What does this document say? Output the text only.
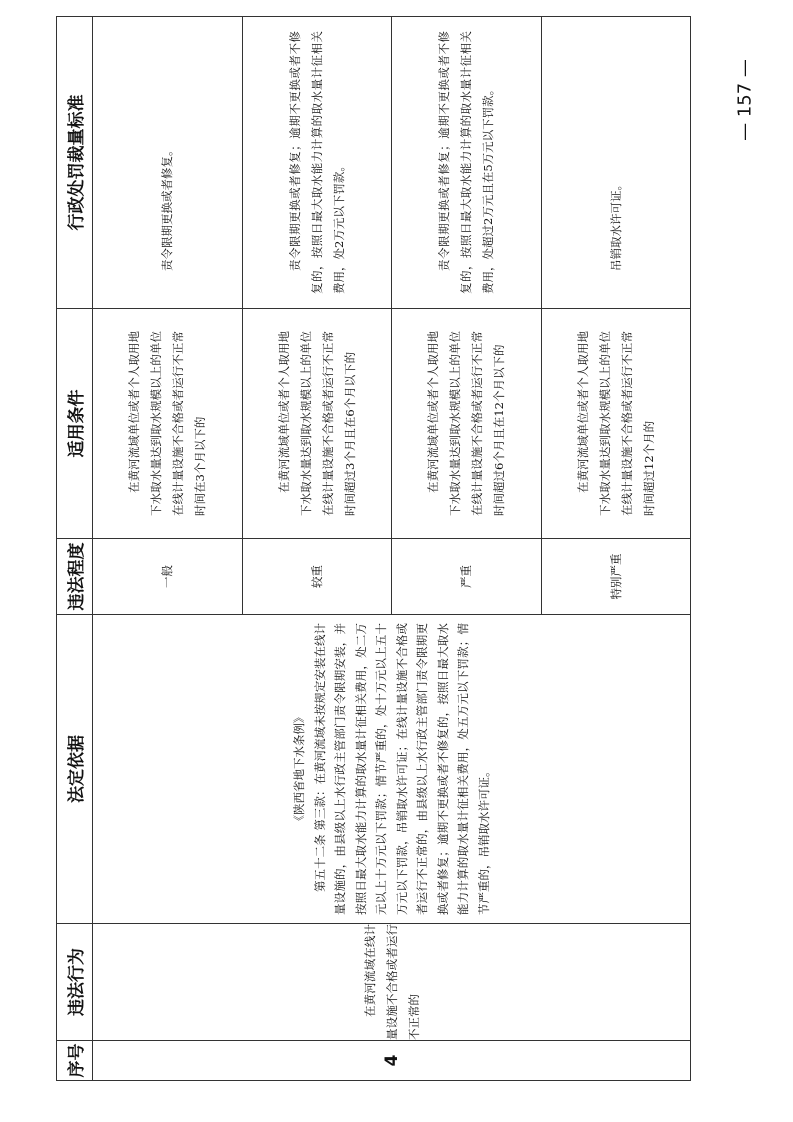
— 157 —
序号	违法行为	法定依据	违法程度	适用条件	行政处罚裁量标准
4	在黄河流域在线计量设施不合格或者运行不正常的	《陕西省地下水条例》 第五十二条 第三款：在黄河流域未按规定安装在线计量设施的，由县级以上水行政主管部门责令限期安装，并按照日最大取水能力计算的取水量计征相关费用，处二万元以上十万元以下罚款；情节严重的，处十万元以上五十万元以下罚款，吊销取水许可证；在线计量设施不合格或者运行不正常的，由县级以上水行政主管部门责令限期更换或者修复；逾期不更换或者不修复的，按照日最大取水能力计算的取水量计征相关费用，处五万元以下罚款；情节严重的，吊销取水许可证。	一般	在黄河流域单位或者个人取用地下水取水量达到取水规模以上的单位在线计量设施不合格或者运行不正常时间在3个月以下的	责令限期更换或者修复。

			较重	在黄河流域单位或者个人取用地下水取水量达到取水规模以上的单位在线计量设施不合格或者运行不正常时间超过3个月且在6个月以下的	责令限期更换或者修复；逾期不更换或者不修复的，按照日最大取水能力计算的取水量计征相关费用，处2万元以下罚款。

			严重	在黄河流域单位或者个人取用地下水取水量达到取水规模以上的单位在线计量设施不合格或者运行不正常时间超过6个月且在12个月以下的	责令限期更换或者修复；逾期不更换或者不修复的，按照日最大取水能力计算的取水量计征相关费用，处超过2万元且在5万元以下罚款。

			特别严重	在黄河流域单位或者个人取用地下水取水量达到取水规模以上的单位在线计量设施不合格或者运行不正常时间超过12个月的	吊销取水许可证。
